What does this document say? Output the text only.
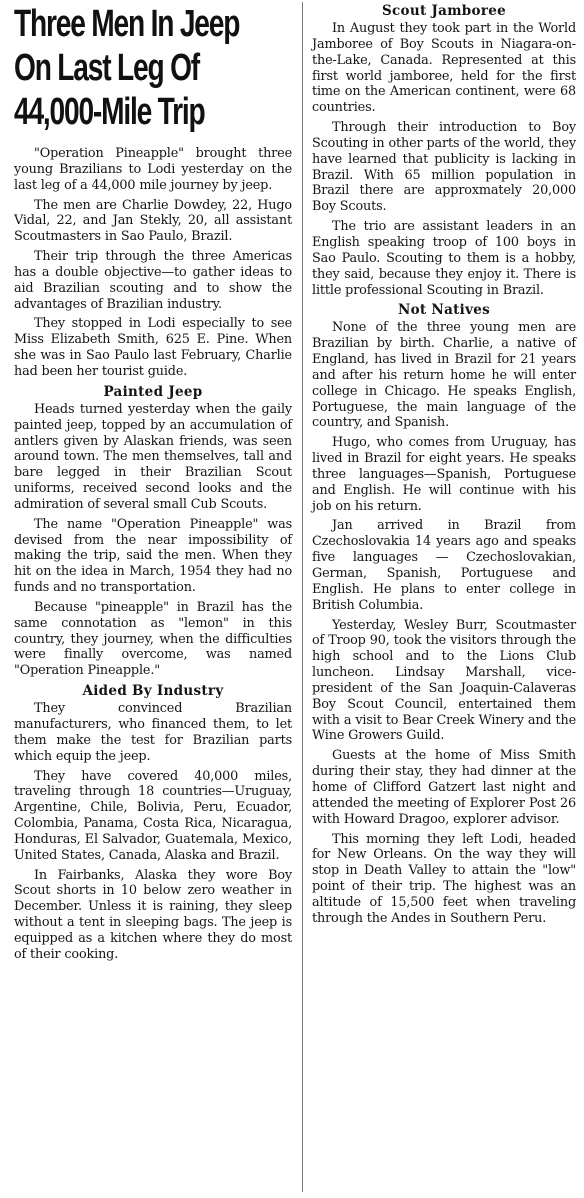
Three Men In Jeep
On Last Leg Of
44,000-Mile Trip

"Operation Pineapple" brought three young Brazilians to Lodi yesterday on the last leg of a 44,000 mile journey by jeep.

The men are Charlie Dowdey, 22, Hugo Vidal, 22, and Jan Stekly, 20, all assistant Scoutmasters in Sao Paulo, Brazil.

Their trip through the three Americas has a double objective—to gather ideas to aid Brazilian scouting and to show the advantages of Brazilian industry.

They stopped in Lodi especially to see Miss Elizabeth Smith, 625 E. Pine. When she was in Sao Paulo last February, Charlie had been her tourist guide.

Painted Jeep

Heads turned yesterday when the gaily painted jeep, topped by an accumulation of antlers given by Alaskan friends, was seen around town. The men themselves, tall and bare legged in their Brazilian Scout uniforms, received second looks and the admiration of several small Cub Scouts.

The name "Operation Pineapple" was devised from the near impossibility of making the trip, said the men. When they hit on the idea in March, 1954 they had no funds and no transportation.

Because "pineapple" in Brazil has the same connotation as "lemon" in this country, they journey, when the difficulties were finally overcome, was named "Operation Pineapple."

Aided By Industry

They convinced Brazilian manufacturers, who financed them, to let them make the test for Brazilian parts which equip the jeep.

They have covered 40,000 miles, traveling through 18 countries—Uruguay, Argentine, Chile, Bolivia, Peru, Ecuador, Colombia, Panama, Costa Rica, Nicaragua, Honduras, El Salvador, Guatemala, Mexico, United States, Canada, Alaska and Brazil.

In Fairbanks, Alaska they wore Boy Scout shorts in 10 below zero weather in December. Unless it is raining, they sleep without a tent in sleeping bags. The jeep is equipped as a kitchen where they do most of their cooking.

Scout Jamboree

In August they took part in the World Jamboree of Boy Scouts in Niagara-on-the-Lake, Canada. Represented at this first world jamboree, held for the first time on the American continent, were 68 countries.

Through their introduction to Boy Scouting in other parts of the world, they have learned that publicity is lacking in Brazil. With 65 million population in Brazil there are approxmately 20,000 Boy Scouts.

The trio are assistant leaders in an English speaking troop of 100 boys in Sao Paulo. Scouting to them is a hobby, they said, because they enjoy it. There is little professional Scouting in Brazil.

Not Natives

None of the three young men are Brazilian by birth. Charlie, a native of England, has lived in Brazil for 21 years and after his return home he will enter college in Chicago. He speaks English, Portuguese, the main language of the country, and Spanish.

Hugo, who comes from Uruguay, has lived in Brazil for eight years. He speaks three languages—Spanish, Portuguese and English. He will continue with his job on his return.

Jan arrived in Brazil from Czechoslovakia 14 years ago and speaks five languages — Czechoslovakian, German, Spanish, Portuguese and English. He plans to enter college in British Columbia.

Yesterday, Wesley Burr, Scoutmaster of Troop 90, took the visitors through the high school and to the Lions Club luncheon. Lindsay Marshall, vice-president of the San Joaquin-Calaveras Boy Scout Council, entertained them with a visit to Bear Creek Winery and the Wine Growers Guild.

Guests at the home of Miss Smith during their stay, they had dinner at the home of Clifford Gatzert last night and attended the meeting of Explorer Post 26 with Howard Dragoo, explorer advisor.

This morning they left Lodi, headed for New Orleans. On the way they will stop in Death Valley to attain the "low" point of their trip. The highest was an altitude of 15,500 feet when traveling through the Andes in Southern Peru.
